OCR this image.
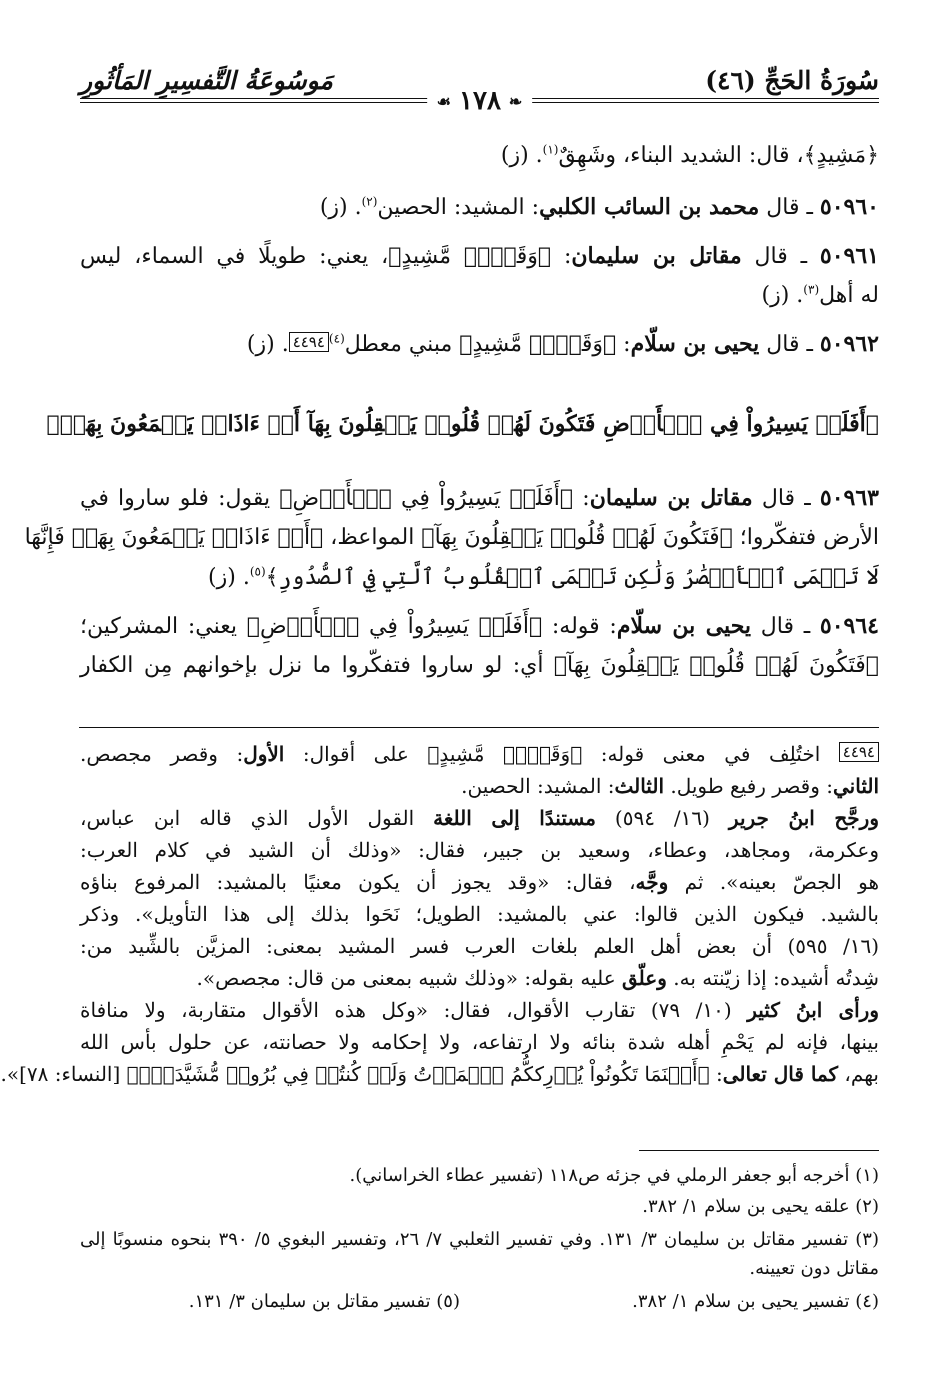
سُورَةُ الحَجِّ (٤٦)
مَوسُوعَةُ التَّفسِيرِ المَأثُورِ
❧
١٧٨
☙
﴿مَشِيدٍ﴾، قال: الشديد البناء، وشَهِقٌ$^{(١)}$. (ز)
٥٠٩٦٠ ـ قال محمد بن السائب الكلبي: المشيد: الحصين$^{(٢)}$. (ز)
٥٠٩٦١ ـ قال مقاتل بن سليمان: ﴿وَقَصۡرٖ مَّشِيدٍ﴾، يعني: طويلًا في السماء، ليس
له أهل$^{(٣)}$. (ز)
٥٠٩٦٢ ـ قال يحيى بن سلّام: ﴿وَقَصۡرٖ مَّشِيدٍ﴾ مبني معطل$^{(٤)}$٤٤٩٤. (ز)
﴿أَفَلَمۡ يَسِيرُواْ فِي ٱلۡأَرۡضِ فَتَكُونَ لَهُمۡ قُلُوبٞ يَعۡقِلُونَ بِهَآ أَوۡ ءَاذَانٞ يَسۡمَعُونَ بِهَاۖ﴾
٥٠٩٦٣ ـ قال مقاتل بن سليمان: ﴿أَفَلَمۡ يَسِيرُواْ فِي ٱلۡأَرۡضِ﴾ يقول: فلو ساروا في
الأرض فتفكّروا؛ ﴿فَتَكُونَ لَهُمۡ قُلُوبٞ يَعۡقِلُونَ بِهَآ﴾ المواعظ، ﴿أَوۡ ءَاذَانٞ يَسۡمَعُونَ بِهَاۖ فَإِنَّهَا
لَا تَعۡمَى ٱلۡأَبۡصَٰرُ وَلَٰكِن تَعۡمَى ٱلۡقُلُوبُ ٱلَّتِي فِي ٱلصُّدُورِ﴾$^{(٥)}$. (ز)
٥٠٩٦٤ ـ قال يحيى بن سلّام: قوله: ﴿أَفَلَمۡ يَسِيرُواْ فِي ٱلۡأَرۡضِ﴾ يعني: المشركين؛
﴿فَتَكُونَ لَهُمۡ قُلُوبٞ يَعۡقِلُونَ بِهَآ﴾ أي: لو ساروا فتفكّروا ما نزل بإخوانهم مِن الكفار
٤٤٩٤ اختُلِف في معنى قوله: ﴿وَقَصۡرٖ مَّشِيدٍ﴾ على أقوال: الأول: وقصر مجصص.
الثاني: وقصر رفيع طويل. الثالث: المشيد: الحصين.
ورجَّح ابنُ جرير (١٦/ ٥٩٤) مستندًا إلى اللغة القول الأول الذي قاله ابن عباس،
وعكرمة، ومجاهد، وعطاء، وسعيد بن جبير، فقال: «وذلك أن الشيد في كلام العرب:
هو الجصّ بعينه». ثم وجَّه، فقال: «وقد يجوز أن يكون معنيًا بالمشيد: المرفوع بناؤه
بالشيد. فيكون الذين قالوا: عني بالمشيد: الطويل؛ نَحَوا بذلك إلى هذا التأويل». وذكر
(١٦/ ٥٩٥) أن بعض أهل العلم بلغات العرب فسر المشيد بمعنى: المزيَّن بالشِّيد من:
شِدتُه أشيده: إذا زيّنته به. وعلّق عليه بقوله: «وذلك شبيه بمعنى من قال: مجصص».
ورأى ابنُ كثير (١٠/ ٧٩) تقارب الأقوال، فقال: «وكل هذه الأقوال متقاربة، ولا منافاة
بينها، فإنه لم يَحْمِ أهله شدة بنائه ولا ارتفاعه، ولا إحكامه ولا حصانته، عن حلول بأس الله
بهم، كما قال تعالى: ﴿أَيۡنَمَا تَكُونُواْ يُدۡرِككُّمُ ٱلۡمَوۡتُ وَلَوۡ كُنتُمۡ فِي بُرُوجٖ مُّشَيَّدَةٖۗ﴾ [النساء: ٧٨]».
(١) أخرجه أبو جعفر الرملي في جزئه ص١١٨ (تفسير عطاء الخراساني).
(٢) علقه يحيى بن سلام ١/ ٣٨٢.
(٣) تفسير مقاتل بن سليمان ٣/ ١٣١. وفي تفسير الثعلبي ٧/ ٢٦، وتفسير البغوي ٥/ ٣٩٠ بنحوه منسوبًا إلى
مقاتل دون تعيينه.
(٤) تفسير يحيى بن سلام ١/ ٣٨٢.
(٥) تفسير مقاتل بن سليمان ٣/ ١٣١.
